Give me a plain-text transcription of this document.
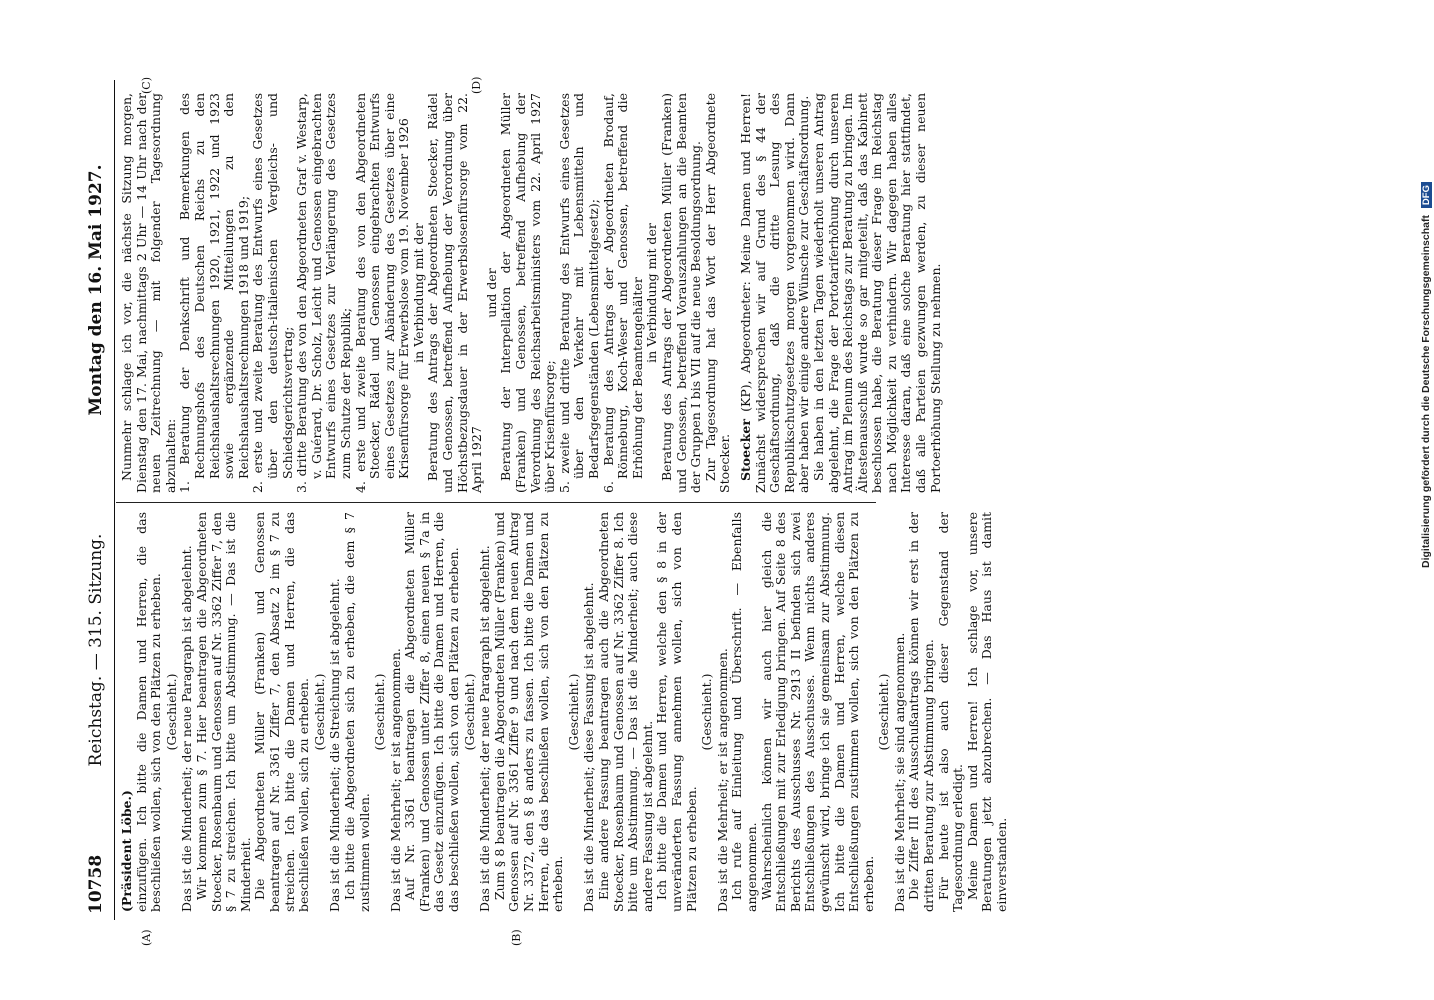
10758
Reichstag. — 315. Sitzung.
Montag den 16. Mai 1927.
(A)	(B)
(C)	(D)

(Präsident Löbe.) einzufügen. Ich bitte die Damen und Herren, die das beschließen wollen, sich von den Plätzen zu erheben. (Geschieht.) Das ist die Minderheit; der neue Paragraph ist abgelehnt. Wir kommen zum § 7. Hier beantragen die Abgeordneten Stoecker, Rosenbaum und Genossen auf Nr. 3362 Ziffer 7, den § 7 zu streichen. Ich bitte um Abstimmung. — Das ist die Minderheit. Die Abgeordneten Müller (Franken) und Genossen beantragen auf Nr. 3361 Ziffer 7, den Absatz 2 im § 7 zu streichen. Ich bitte die Damen und Herren, die das beschließen wollen, sich zu erheben. (Geschieht.) Das ist die Minderheit; die Streichung ist abgelehnt. Ich bitte die Abgeordneten sich zu erheben, die dem § 7 zustimmen wollen.

(Geschieht.) Das ist die Mehrheit; er ist angenommen. Auf Nr. 3361 beantragen die Abgeordneten Müller (Franken) und Genossen unter Ziffer 8, einen neuen § 7a in das Gesetz einzufügen. Ich bitte die Damen und Herren, die das beschließen wollen, sich von den Plätzen zu erheben. (Geschieht.) Das ist die Minderheit; der neue Paragraph ist abgelehnt. Zum § 8 beantragen die Abgeordneten Müller (Franken) und Genossen auf Nr. 3361 Ziffer 9 und nach dem neuen Antrag Nr. 3372, den § 8 anders zu fassen. Ich bitte die Damen und Herren, die das beschließen wollen, sich von den Plätzen zu erheben.

(Geschieht.) Das ist die Minderheit; diese Fassung ist abgelehnt. Eine andere Fassung beantragen auch die Abgeordneten Stoecker, Rosenbaum und Genossen auf Nr. 3362 Ziffer 8. Ich bitte um Abstimmung. — Das ist die Minderheit; auch diese andere Fassung ist abgelehnt. Ich bitte die Damen und Herren, welche den § 8 in der unveränderten Fassung annehmen wollen, sich von den Plätzen zu erheben.

(Geschieht.) Das ist die Mehrheit; er ist angenommen. Ich rufe auf Einleitung und Überschrift. — Ebenfalls angenommen. Wahrscheinlich können wir auch hier gleich die Entschließungen mit zur Erledigung bringen. Auf Seite 8 des Berichts des Ausschusses Nr. 2913 II befinden sich zwei Entschließungen des Ausschusses. Wenn nichts anderes gewünscht wird, bringe ich sie gemeinsam zur Abstimmung. Ich bitte die Damen und Herren, welche diesen Entschließungen zustimmen wollen, sich von den Plätzen zu erheben.

(Geschieht.) Das ist die Mehrheit; sie sind angenommen. Die Ziffer III des Ausschußantrags können wir erst in der dritten Beratung zur Abstimmung bringen. Für heute ist also auch dieser Gegenstand der Tagesordnung erledigt. Meine Damen und Herren! Ich schlage vor, unsere Beratungen jetzt abzubrechen. — Das Haus ist damit einverstanden.

Nunmehr schlage ich vor, die nächste Sitzung morgen, Dienstag den 17. Mai, nachmittags 2 Uhr — 14 Uhr nach der neuen Zeitrechnung — mit folgender Tagesordnung abzuhalten: 1. Beratung der Denkschrift und Bemerkungen des Rechnungshofs des Deutschen Reichs zu den Reichshaushaltsrechnungen 1920, 1921, 1922 und 1923 sowie ergänzende Mitteilungen zu den Reichshaushaltsrechnungen 1918 und 1919; 2. erste und zweite Beratung des Entwurfs eines Gesetzes über den deutsch-italienischen Vergleichs- und Schiedsgerichtsvertrag; 3. dritte Beratung des von den Abgeordneten Graf v. Westarp, v. Guérard, Dr. Scholz, Leicht und Genossen eingebrachten Entwurfs eines Gesetzes zur Verlängerung des Gesetzes zum Schutze der Republik; 4. erste und zweite Beratung des von den Abgeordneten Stoecker, Rädel und Genossen eingebrachten Entwurfs eines Gesetzes zur Abänderung des Gesetzes über eine Krisenfürsorge für Erwerbslose vom 19. November 1926 in Verbindung mit der Beratung des Antrags der Abgeordneten Stoecker, Rädel und Genossen, betreffend Aufhebung der Verordnung über Höchstbezugsdauer in der Erwerbslosenfürsorge vom 22. April 1927

und der Beratung der Interpellation der Abgeordneten Müller (Franken) und Genossen, betreffend Aufhebung der Verordnung des Reichsarbeitsministers vom 22. April 1927 über Krisenfürsorge; 5. zweite und dritte Beratung des Entwurfs eines Gesetzes über den Verkehr mit Lebensmitteln und Bedarfsgegenständen (Lebensmittelgesetz); 6. Beratung des Antrags der Abgeordneten Brodauf, Rönneburg, Koch-Weser und Genossen, betreffend die Erhöhung der Beamtengehälter in Verbindung mit der Beratung des Antrags der Abgeordneten Müller (Franken) und Genossen, betreffend Vorauszahlungen an die Beamten der Gruppen I bis VII auf die neue Besoldungsordnung. Zur Tagesordnung hat das Wort der Herr Abgeordnete Stoecker. Stoecker (KP), Abgeordneter: Meine Damen und Herren! Zunächst widersprechen wir auf Grund des § 44 der Geschäftsordnung, daß die dritte Lesung des Republikschutzgesetzes morgen vorgenommen wird. Dann aber haben wir einige andere Wünsche zur Geschäftsordnung. Sie haben in den letzten Tagen wiederholt unseren Antrag abgelehnt, die Frage der Portotariferhöhung durch unseren Antrag im Plenum des Reichstags zur Beratung zu bringen. Im Ältestenausschuß wurde so gar mitgeteilt, daß das Kabinett beschlossen habe, die Beratung dieser Frage im Reichstag nach Möglichkeit zu verhindern. Wir dagegen haben alles Interesse daran, daß eine solche Beratung hier stattfindet, daß alle Parteien gezwungen werden, zu dieser neuen Portoerhöhung Stellung zu nehmen.	Digitalisierung gefördert durch die Deutsche Forschungsgemeinschaft DFG
